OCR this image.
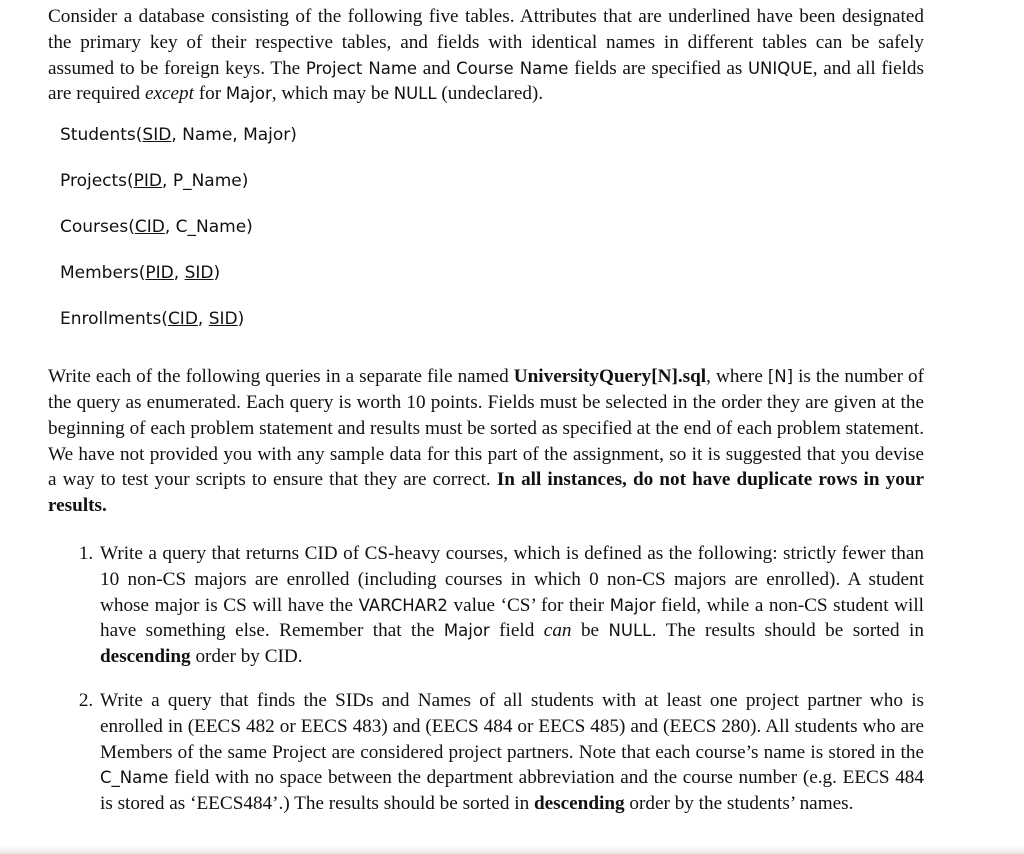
Consider a database consisting of the following five tables. Attributes that are underlined have been designated the primary key of their respective tables, and fields with identical names in different tables can be safely assumed to be foreign keys. The Project Name and Course Name fields are specified as UNIQUE, and all fields are required except for Major, which may be NULL (undeclared).

Students(SID, Name, Major)
Projects(PID, P_Name)
Courses(CID, C_Name)
Members(PID, SID)
Enrollments(CID, SID)

Write each of the following queries in a separate file named UniversityQuery[N].sql, where [N] is the number of the query as enumerated. Each query is worth 10 points. Fields must be selected in the order they are given at the beginning of each problem statement and results must be sorted as specified at the end of each problem statement. We have not provided you with any sample data for this part of the assignment, so it is suggested that you devise a way to test your scripts to ensure that they are correct. In all instances, do not have duplicate rows in your results.

1. Write a query that returns CID of CS-heavy courses, which is defined as the following: strictly fewer than 10 non-CS majors are enrolled (including courses in which 0 non-CS majors are enrolled). A student whose major is CS will have the VARCHAR2 value ‘CS’ for their Major field, while a non-CS student will have something else. Remember that the Major field can be NULL. The results should be sorted in descending order by CID.
2. Write a query that finds the SIDs and Names of all students with at least one project partner who is enrolled in (EECS 482 or EECS 483) and (EECS 484 or EECS 485) and (EECS 280). All students who are Members of the same Project are considered project partners. Note that each course’s name is stored in the C_Name field with no space between the department abbreviation and the course number (e.g. EECS 484 is stored as ‘EECS484’.) The results should be sorted in descending order by the students’ names.
